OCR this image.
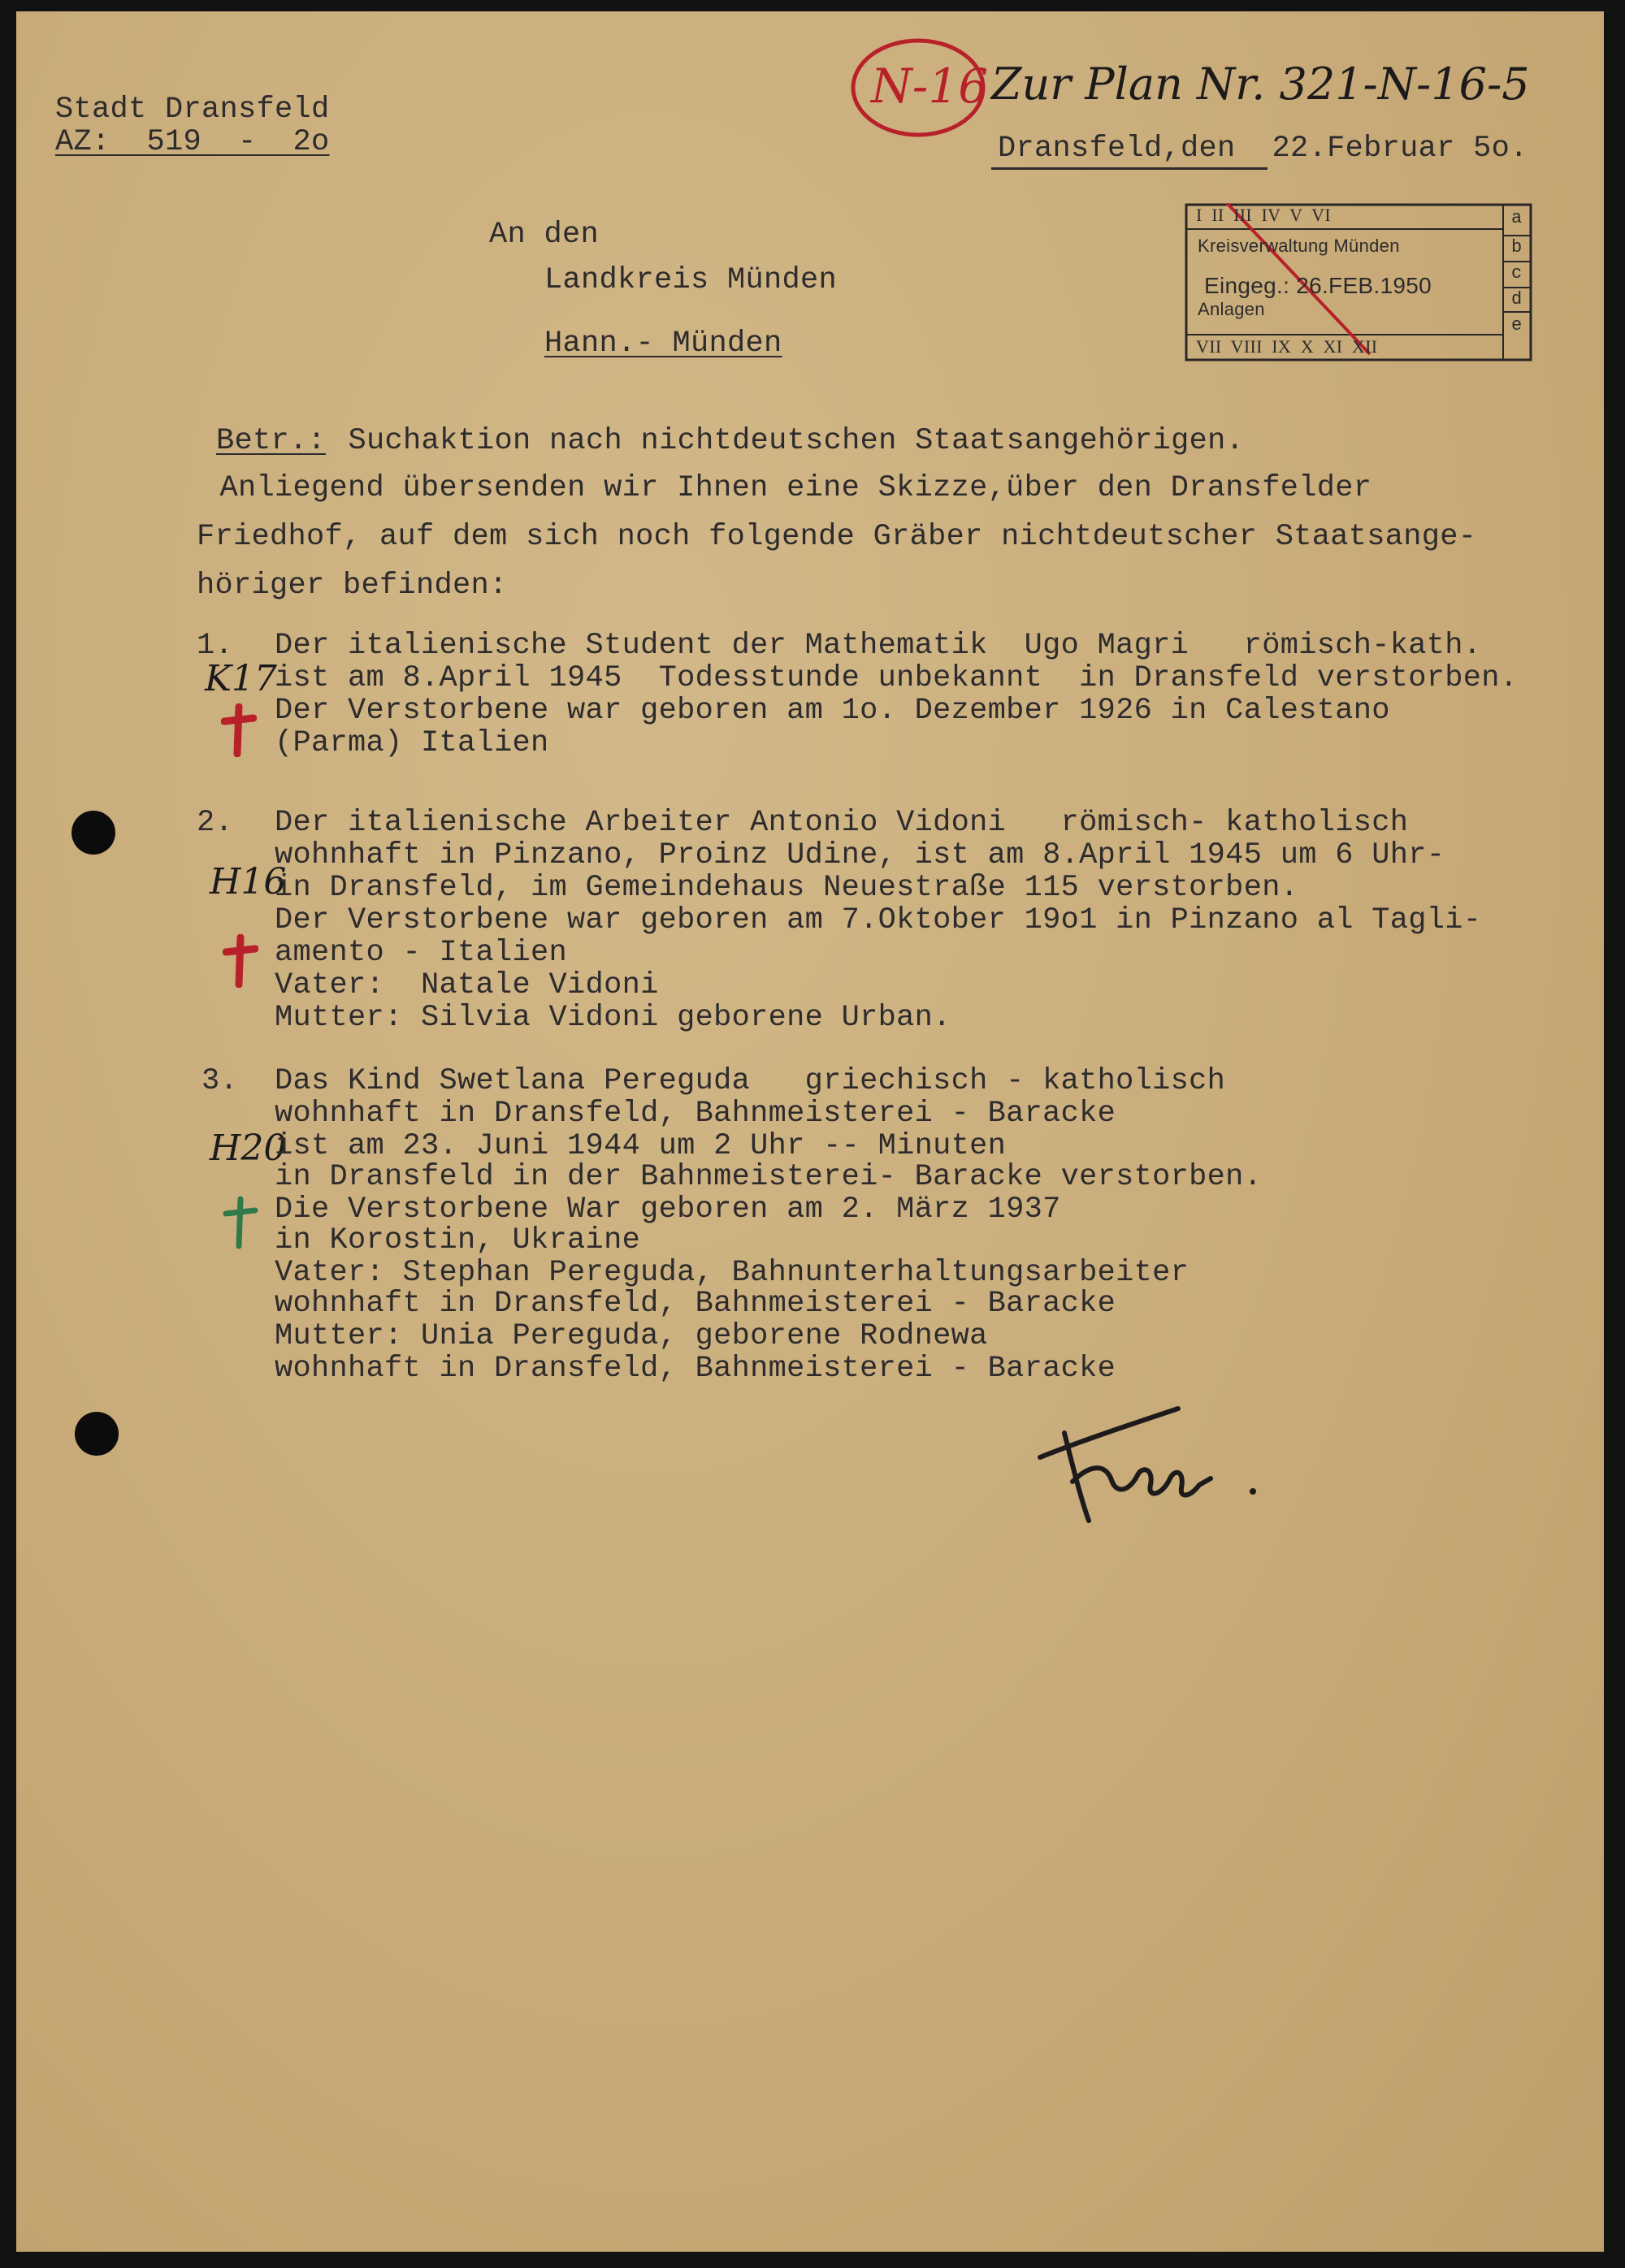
Stadt Dransfeld
AZ:  519  -  2o
N-16 Zur Plan Nr. 321-N-16-5
Dransfeld,den  22.Februar 5o.
An den
Landkreis Münden
Hann.- Münden
I  II  III  IV  V  VI
Kreisverwaltung Münden
Eingeg.: 26.FEB.1950
Anlagen
VII  VIII  IX  X  XI  XII
a
b
c
d
e
Betr.: Suchaktion nach nichtdeutschen Staatsangehörigen.
Anliegend übersenden wir Ihnen eine Skizze,über den Dransfelder
Friedhof, auf dem sich noch folgende Gräber nichtdeutscher Staatsange-
höriger befinden:
1.
K17
Der italienische Student der Mathematik  Ugo Magri   römisch-kath.
ist am 8.April 1945  Todesstunde unbekannt  in Dransfeld verstorben.
Der Verstorbene war geboren am 1o. Dezember 1926 in Calestano
(Parma) Italien
2.
H16
Der italienische Arbeiter Antonio Vidoni   römisch- katholisch
wohnhaft in Pinzano, Proinz Udine, ist am 8.April 1945 um 6 Uhr-
in Dransfeld, im Gemeindehaus Neuestraße 115 verstorben.
Der Verstorbene war geboren am 7.Oktober 19o1 in Pinzano al Tagli-
amento - Italien
Vater:  Natale Vidoni
Mutter: Silvia Vidoni geborene Urban.
3.
H20
Das Kind Swetlana Pereguda   griechisch - katholisch
wohnhaft in Dransfeld, Bahnmeisterei - Baracke
ist am 23. Juni 1944 um 2 Uhr -- Minuten
in Dransfeld in der Bahnmeisterei- Baracke verstorben.
Die Verstorbene War geboren am 2. März 1937
in Korostin, Ukraine
Vater: Stephan Pereguda, Bahnunterhaltungsarbeiter
wohnhaft in Dransfeld, Bahnmeisterei - Baracke
Mutter: Unia Pereguda, geborene Rodnewa
wohnhaft in Dransfeld, Bahnmeisterei - Baracke
